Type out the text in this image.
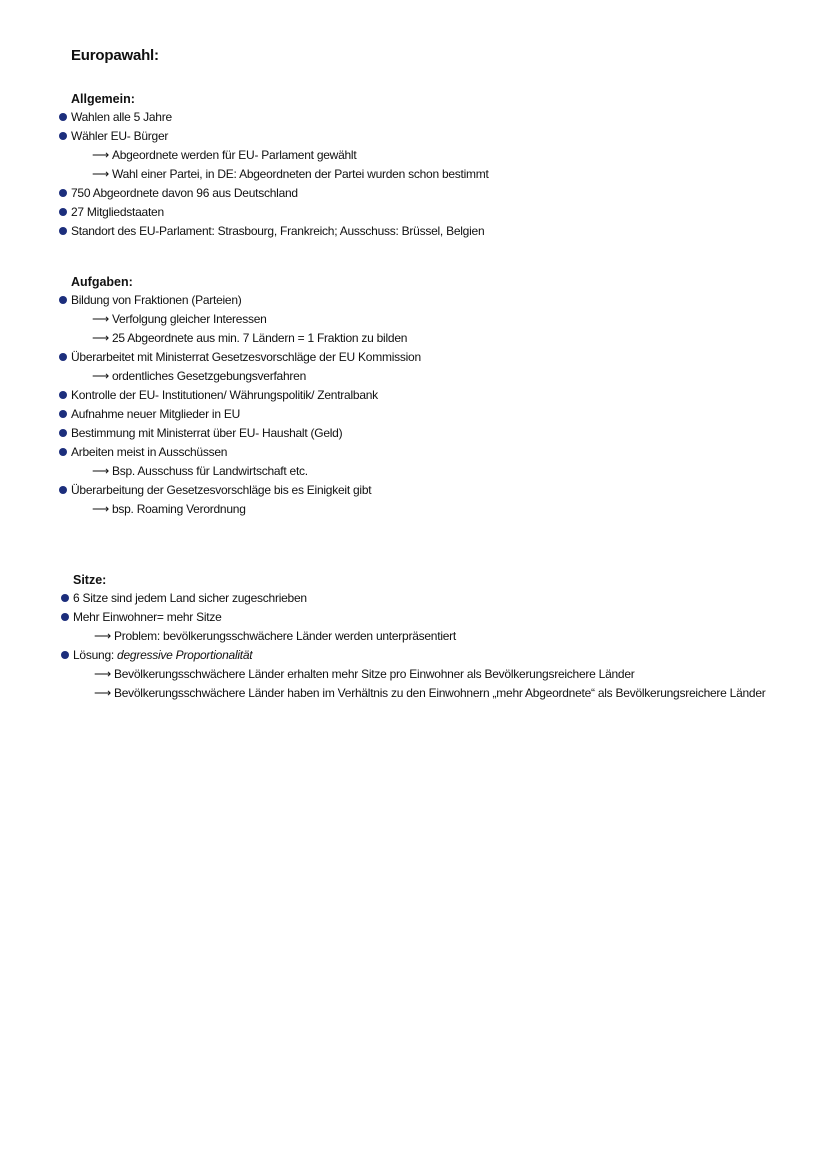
Europawahl:
Allgemein:
Wahlen alle 5 Jahre
Wähler EU- Bürger
⟶ Abgeordnete werden für EU- Parlament gewählt
⟶ Wahl einer Partei, in DE: Abgeordneten der Partei wurden schon bestimmt
750 Abgeordnete davon 96 aus Deutschland
27 Mitgliedstaaten
Standort des EU-Parlament: Strasbourg, Frankreich; Ausschuss: Brüssel, Belgien
Aufgaben:
Bildung von Fraktionen (Parteien)
⟶ Verfolgung gleicher Interessen
⟶ 25 Abgeordnete aus min. 7 Ländern = 1 Fraktion zu bilden
Überarbeitet mit Ministerrat Gesetzesvorschläge der EU Kommission
⟶ ordentliches Gesetzgebungsverfahren
Kontrolle der EU- Institutionen/ Währungspolitik/ Zentralbank
Aufnahme neuer Mitglieder in EU
Bestimmung mit Ministerrat über EU- Haushalt (Geld)
Arbeiten meist in Ausschüssen
⟶ Bsp. Ausschuss für Landwirtschaft etc.
Überarbeitung der Gesetzesvorschläge bis es Einigkeit gibt
⟶ bsp. Roaming Verordnung
Sitze:
6 Sitze sind jedem Land sicher zugeschrieben
Mehr Einwohner= mehr Sitze
⟶ Problem: bevölkerungsschwächere Länder werden unterpräsentiert
Lösung: degressive Proportionalität
⟶ Bevölkerungsschwächere Länder erhalten mehr Sitze pro Einwohner als Bevölkerungsreichere Länder
⟶ Bevölkerungsschwächere Länder haben im Verhältnis zu den Einwohnern „mehr Abgeordnete“ als Bevölkerungsreichere Länder
